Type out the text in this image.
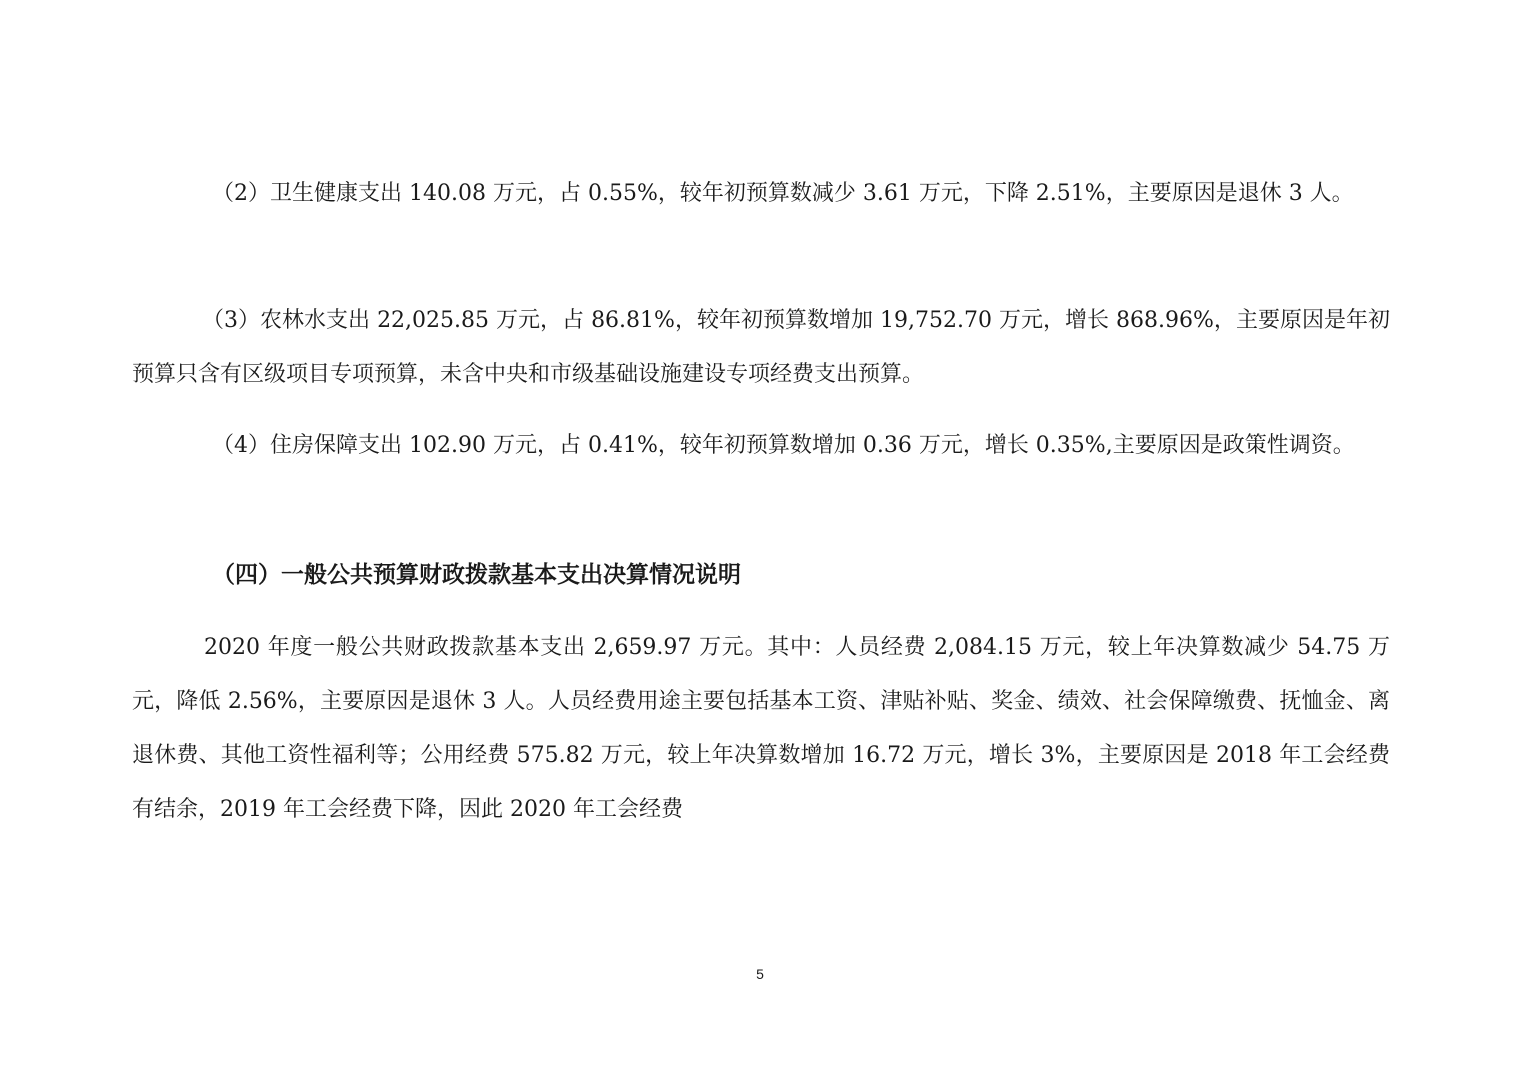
（2）卫生健康支出 140.08 万元，占 0.55%，较年初预算数减少 3.61 万元，下降 2.51%，主要原因是退休 3 人。

（3）农林水支出 22,025.85 万元，占 86.81%，较年初预算数增加 19,752.70 万元，增长 868.96%，主要原因是年初预算只含有区级项目专项预算，未含中央和市级基础设施建设专项经费支出预算。

（4）住房保障支出 102.90 万元，占 0.41%，较年初预算数增加 0.36 万元，增长 0.35%,主要原因是政策性调资。

（四）一般公共预算财政拨款基本支出决算情况说明

2020 年度一般公共财政拨款基本支出 2,659.97 万元。其中：人员经费 2,084.15 万元，较上年决算数减少 54.75 万元，降低 2.56%，主要原因是退休 3 人。人员经费用途主要包括基本工资、津贴补贴、奖金、绩效、社会保障缴费、抚恤金、离退休费、其他工资性福利等；公用经费 575.82 万元，较上年决算数增加 16.72 万元，增长 3%，主要原因是 2018 年工会经费有结余，2019 年工会经费下降，因此 2020 年工会经费

5
